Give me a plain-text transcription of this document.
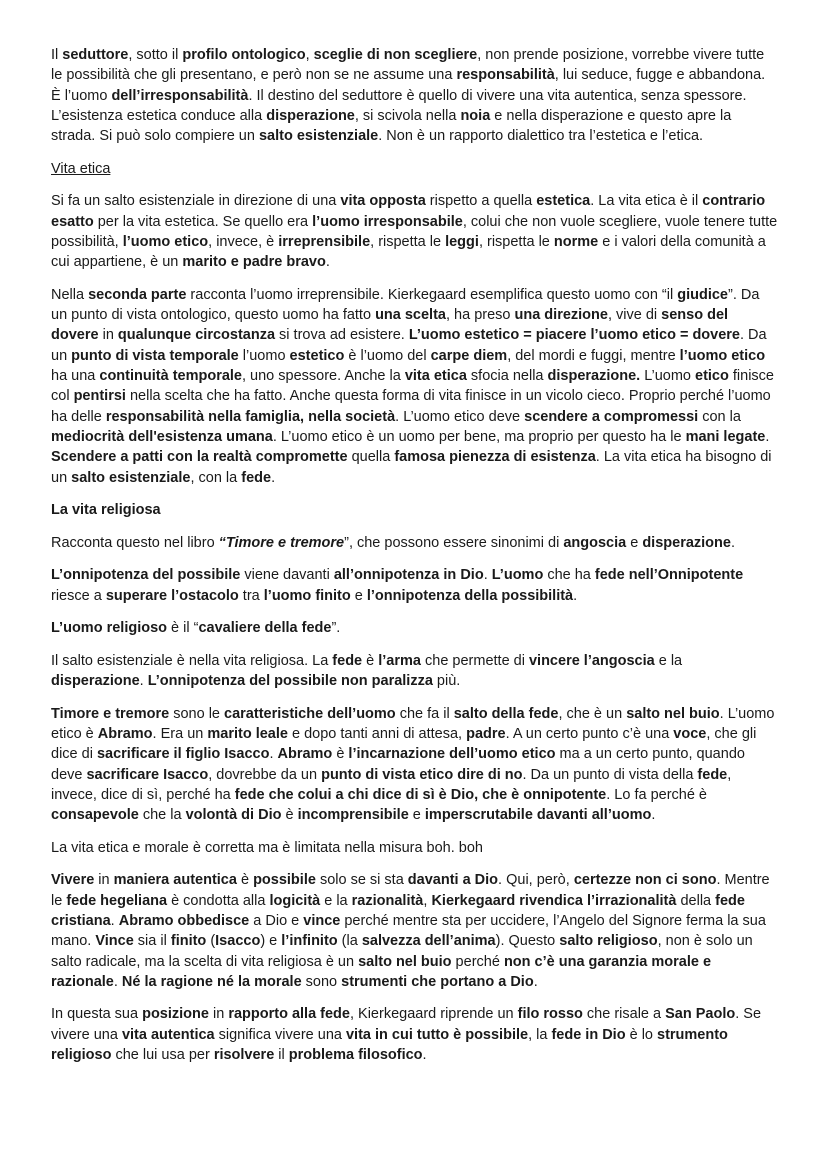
Il seduttore, sotto il profilo ontologico, sceglie di non scegliere, non prende posizione, vorrebbe vivere tutte le possibilità che gli presentano, e però non se ne assume una responsabilità, lui seduce, fugge e abbandona. È l’uomo dell’irresponsabilità. Il destino del seduttore è quello di vivere una vita autentica, senza spessore. L’esistenza estetica conduce alla disperazione, si scivola nella noia e nella disperazione e questo apre la strada. Si può solo compiere un salto esistenziale. Non è un rapporto dialettico tra l’estetica e l’etica.

Vita etica

Si fa un salto esistenziale in direzione di una vita opposta rispetto a quella estetica. La vita etica è il contrario esatto per la vita estetica. Se quello era l’uomo irresponsabile, colui che non vuole scegliere, vuole tenere tutte possibilità, l’uomo etico, invece, è irreprensibile, rispetta le leggi, rispetta le norme e i valori della comunità a cui appartiene, è un marito e padre bravo.

Nella seconda parte racconta l’uomo irreprensibile. Kierkegaard esemplifica questo uomo con “il giudice”. Da un punto di vista ontologico, questo uomo ha fatto una scelta, ha preso una direzione, vive di senso del dovere in qualunque circostanza si trova ad esistere. L’uomo estetico = piacere l’uomo etico = dovere. Da un punto di vista temporale l’uomo estetico è l’uomo del carpe diem, del mordi e fuggi, mentre l’uomo etico ha una continuità temporale, uno spessore. Anche la vita etica sfocia nella disperazione. L’uomo etico finisce col pentirsi nella scelta che ha fatto. Anche questa forma di vita finisce in un vicolo cieco. Proprio perché l’uomo ha delle responsabilità nella famiglia, nella società. L’uomo etico deve scendere a compromessi con la mediocrità dell'esistenza umana. L’uomo etico è un uomo per bene, ma proprio per questo ha le mani legate. Scendere a patti con la realtà compromette quella famosa pienezza di esistenza. La vita etica ha bisogno di un salto esistenziale, con la fede.

La vita religiosa

Racconta questo nel libro “Timore e tremore”, che possono essere sinonimi di angoscia e disperazione.

L’onnipotenza del possibile viene davanti all’onnipotenza in Dio. L’uomo che ha fede nell’Onnipotente riesce a superare l’ostacolo tra l’uomo finito e l’onnipotenza della possibilità.

L’uomo religioso è il “cavaliere della fede”.

Il salto esistenziale è nella vita religiosa. La fede è l’arma che permette di vincere l’angoscia e la disperazione. L’onnipotenza del possibile non paralizza più.

Timore e tremore sono le caratteristiche dell’uomo che fa il salto della fede, che è un salto nel buio. L’uomo etico è Abramo. Era un marito leale e dopo tanti anni di attesa, padre. A un certo punto c’è una voce, che gli dice di sacrificare il figlio Isacco. Abramo è l’incarnazione dell’uomo etico ma a un certo punto, quando deve sacrificare Isacco, dovrebbe da un punto di vista etico dire di no. Da un punto di vista della fede, invece, dice di sì, perché ha fede che colui a chi dice di sì è Dio, che è onnipotente. Lo fa perché è consapevole che la volontà di Dio è incomprensibile e imperscrutabile davanti all’uomo.

La vita etica e morale è corretta ma è limitata nella misura boh. boh

Vivere in maniera autentica è possibile solo se si sta davanti a Dio. Qui, però, certezze non ci sono. Mentre le fede hegeliana è condotta alla logicità e la razionalità, Kierkegaard rivendica l’irrazionalità della fede cristiana. Abramo obbedisce a Dio e vince perché mentre sta per uccidere, l’Angelo del Signore ferma la sua mano. Vince sia il finito (Isacco) e l’infinito (la salvezza dell’anima). Questo salto religioso, non è solo un salto radicale, ma la scelta di vita religiosa è un salto nel buio perché non c’è una garanzia morale e razionale. Né la ragione né la morale sono strumenti che portano a Dio.

In questa sua posizione in rapporto alla fede, Kierkegaard riprende un filo rosso che risale a San Paolo. Se vivere una vita autentica significa vivere una vita in cui tutto è possibile, la fede in Dio è lo strumento religioso che lui usa per risolvere il problema filosofico.
